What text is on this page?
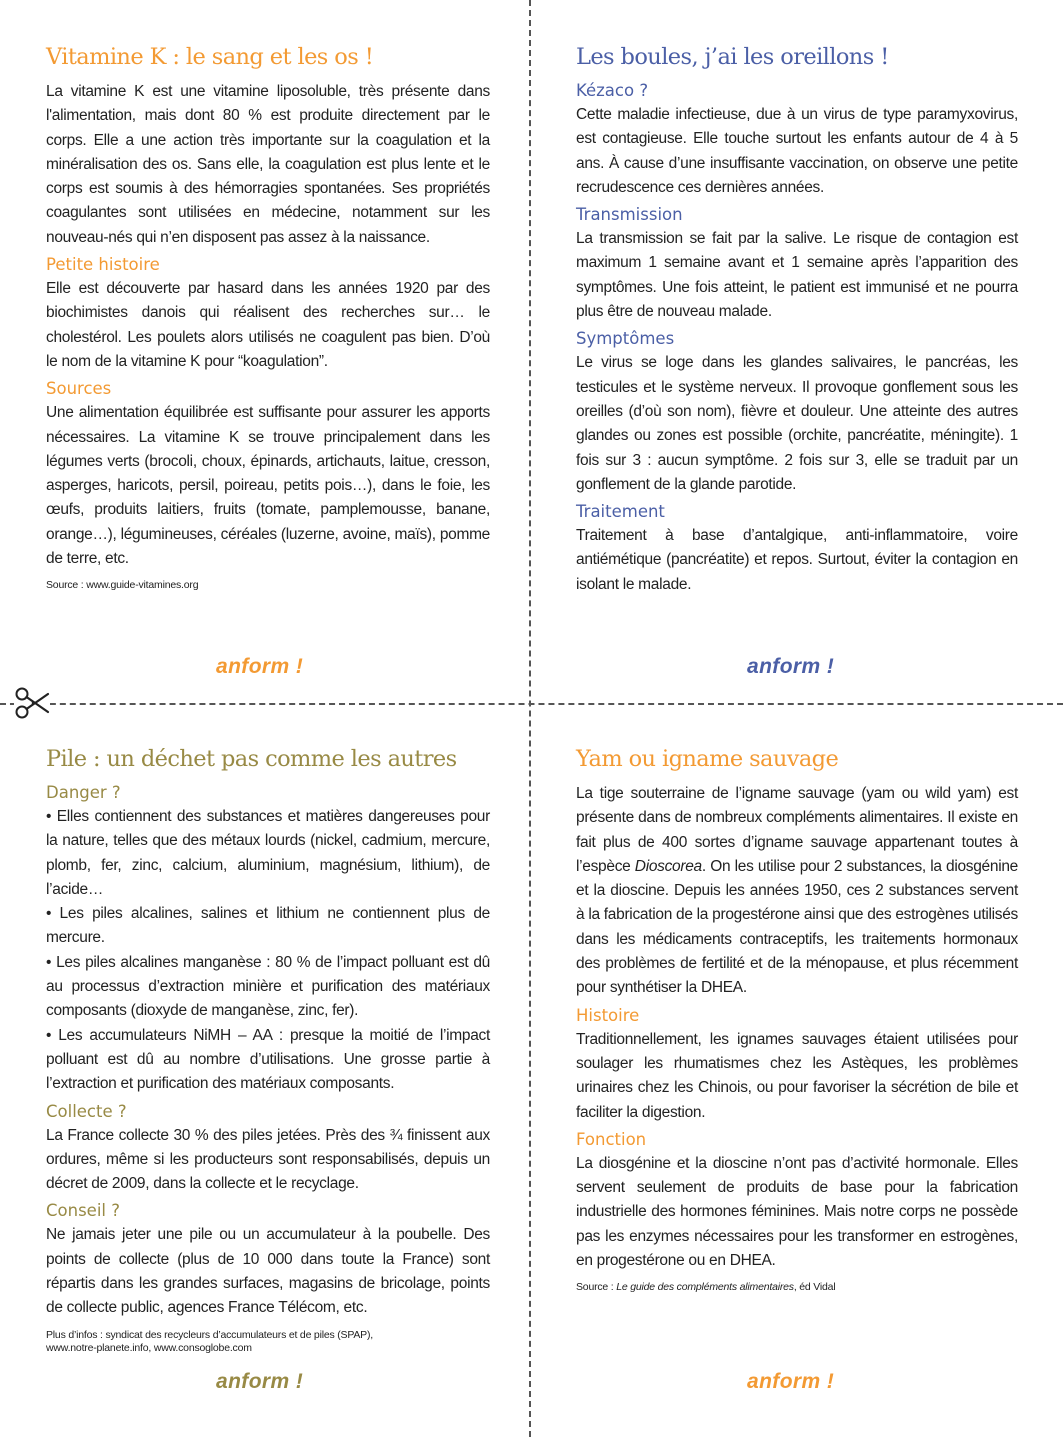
Vitamine K : le sang et les os !

La vitamine K est une vitamine liposoluble, très présente dans l'alimentation, mais dont 80 % est produite directement par le corps. Elle a une action très importante sur la coagulation et la minéralisation des os. Sans elle, la coagulation est plus lente et le corps est soumis à des hémorragies spontanées. Ses propriétés coagulantes sont utilisées en médecine, notamment sur les nouveau-nés qui n’en disposent pas assez à la naissance.

Petite histoire

Elle est découverte par hasard dans les années 1920 par des biochimistes danois qui réalisent des recherches sur… le cholestérol. Les poulets alors utilisés ne coagulent pas bien. D’où le nom de la vitamine K pour “koagulation”.

Sources

Une alimentation équilibrée est suffisante pour assurer les apports nécessaires. La vitamine K se trouve principalement dans les légumes verts (brocoli, choux, épinards, artichauts, laitue, cresson, asperges, haricots, persil, poireau, petits pois…), dans le foie, les œufs, produits laitiers, fruits (tomate, pamplemousse, banane, orange…), légumineuses, céréales (luzerne, avoine, maïs), pomme de terre, etc.

Source : www.guide-vitamines.org

anform !
Les boules, j’ai les oreillons !
Kézaco ?

Cette maladie infectieuse, due à un virus de type paramyxovirus, est contagieuse. Elle touche surtout les enfants autour de 4 à 5 ans. À cause d’une insuffisante vaccination, on observe une petite recrudescence ces dernières années.

Transmission

La transmission se fait par la salive. Le risque de contagion est maximum 1 semaine avant et 1 semaine après l’apparition des symptômes. Une fois atteint, le patient est immunisé et ne pourra plus être de nouveau malade.

Symptômes

Le virus se loge dans les glandes salivaires, le pancréas, les testicules et le système nerveux. Il provoque gonflement sous les oreilles (d’où son nom), fièvre et douleur. Une atteinte des autres glandes ou zones est possible (orchite, pancréatite, méningite). 1 fois sur 3 : aucun symptôme. 2 fois sur 3, elle se traduit par un gonflement de la glande parotide.

Traitement

Traitement à base d’antalgique, anti-inflammatoire, voire antiémétique (pancréatite) et repos. Surtout, éviter la contagion en isolant le malade.

anform !
Pile : un déchet pas comme les autres
Danger ?

• Elles contiennent des substances et matières dangereuses pour la nature, telles que des métaux lourds (nickel, cadmium, mercure, plomb, fer, zinc, calcium, aluminium, magnésium, lithium), de l’acide…

• Les piles alcalines, salines et lithium ne contiennent plus de mercure.

• Les piles alcalines manganèse : 80 % de l’impact polluant est dû au processus d’extraction minière et purification des matériaux composants (dioxyde de manganèse, zinc, fer).

• Les accumulateurs NiMH – AA : presque la moitié de l’impact polluant est dû au nombre d’utilisations. Une grosse partie à l’extraction et purification des matériaux composants.

Collecte ?

La France collecte 30 % des piles jetées. Près des ¾ finissent aux ordures, même si les producteurs sont responsabilisés, depuis un décret de 2009, dans la collecte et le recyclage.

Conseil ?

Ne jamais jeter une pile ou un accumulateur à la poubelle. Des points de collecte (plus de 10 000 dans toute la France) sont répartis dans les grandes surfaces, magasins de bricolage, points de collecte public, agences France Télécom, etc.

Plus d’infos : syndicat des recycleurs d’accumulateurs et de piles (SPAP),
www.notre-planete.info, www.consoglobe.com

anform !
Yam ou igname sauvage

La tige souterraine de l’igname sauvage (yam ou wild yam) est présente dans de nombreux compléments alimentaires. Il existe en fait plus de 400 sortes d’igname sauvage appartenant toutes à l’espèce Dioscorea. On les utilise pour 2 substances, la diosgénine et la dioscine. Depuis les années 1950, ces 2 substances servent à la fabrication de la progestérone ainsi que des estrogènes utilisés dans les médicaments contraceptifs, les traitements hormonaux des problèmes de fertilité et de la ménopause, et plus récemment pour synthétiser la DHEA.

Histoire

Traditionnellement, les ignames sauvages étaient utilisées pour soulager les rhumatismes chez les Astèques, les problèmes urinaires chez les Chinois, ou pour favoriser la sécrétion de bile et faciliter la digestion.

Fonction

La diosgénine et la dioscine n’ont pas d’activité hormonale. Elles servent seulement de produits de base pour la fabrication industrielle des hormones féminines. Mais notre corps ne possède pas les enzymes nécessaires pour les transformer en estrogènes, en progestérone ou en DHEA.

Source : Le guide des compléments alimentaires, éd Vidal

anform !
